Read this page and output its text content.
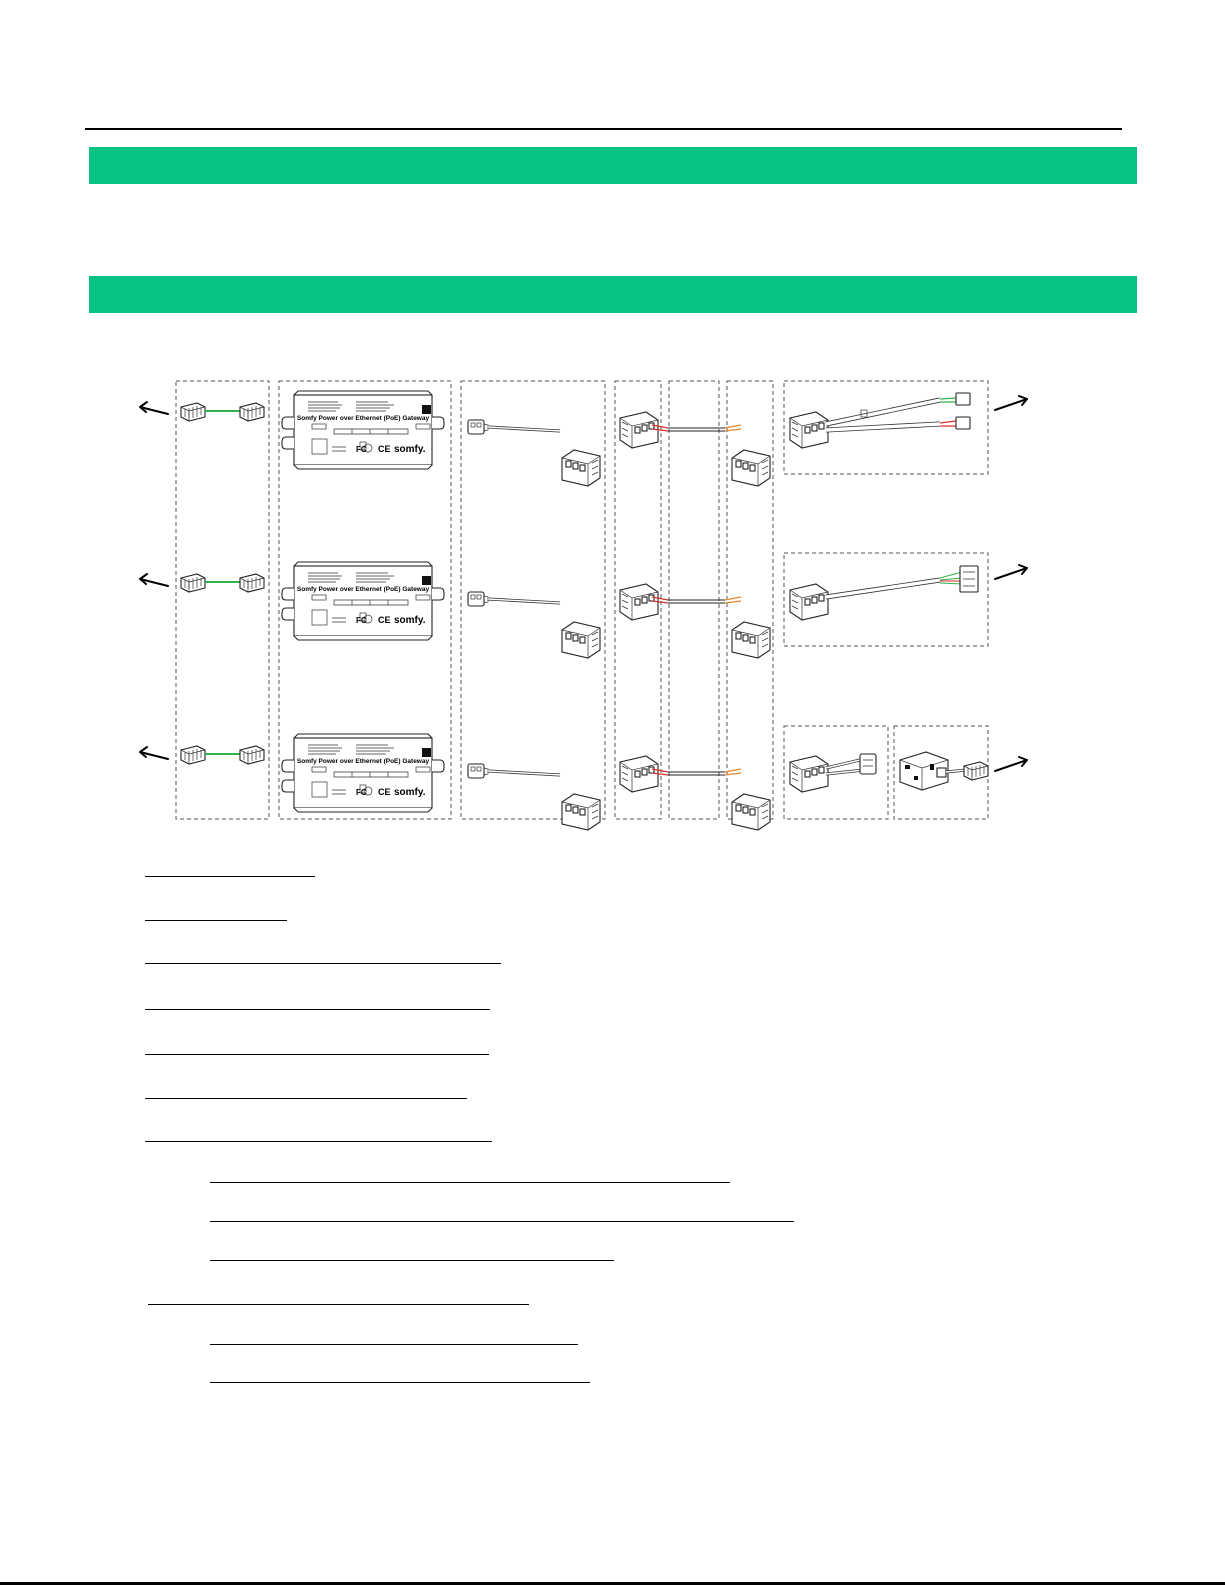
Somfy Power over Ethernet (PoE) Gateway
FC CE somfy.
Somfy Power over Ethernet (PoE) Gateway
FC CE somfy.
Somfy Power over Ethernet (PoE) Gateway
FC CE somfy.
